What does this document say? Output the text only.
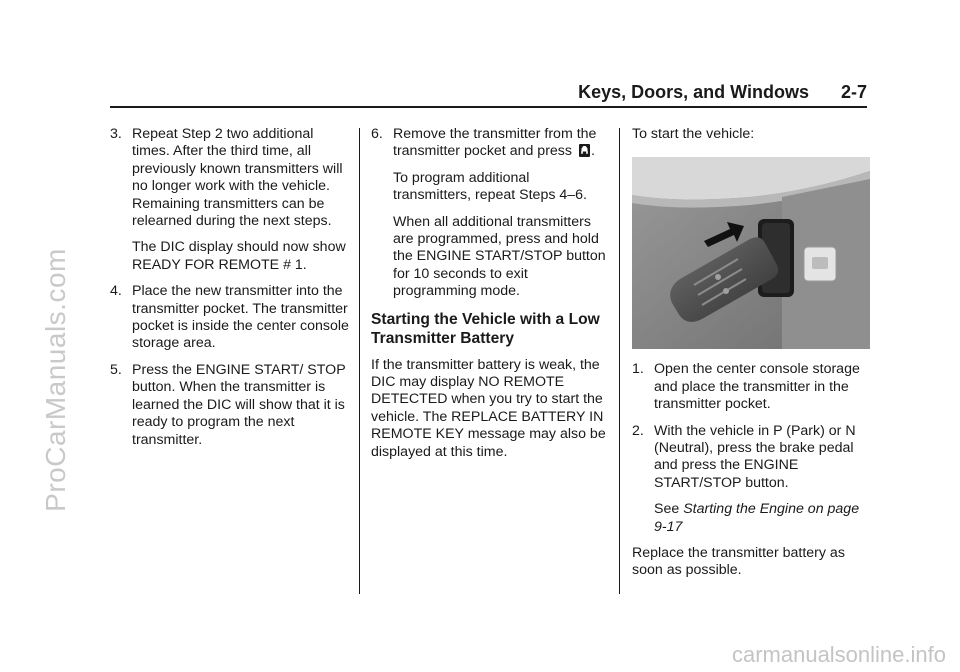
ProCarManuals.com
carmanualsonline.info
Keys, Doors, and Windows 2-7
3. Repeat Step 2 two additional times. After the third time, all previously known transmitters will no longer work with the vehicle. Remaining transmitters can be relearned during the next steps.
The DIC display should now show READY FOR REMOTE # 1.
4. Place the new transmitter into the transmitter pocket. The transmitter pocket is inside the center console storage area.
5. Press the ENGINE START/ STOP button. When the transmitter is learned the DIC will show that it is ready to program the next transmitter.
6. Remove the transmitter from the transmitter pocket and press .
To program additional transmitters, repeat Steps 4–6.
When all additional transmitters are programmed, press and hold the ENGINE START/STOP button for 10 seconds to exit programming mode.
Starting the Vehicle with a Low Transmitter Battery
If the transmitter battery is weak, the DIC may display NO REMOTE DETECTED when you try to start the vehicle. The REPLACE BATTERY IN REMOTE KEY message may also be displayed at this time.
To start the vehicle:
1. Open the center console storage and place the transmitter in the transmitter pocket.
2. With the vehicle in P (Park) or N (Neutral), press the brake pedal and press the ENGINE START/STOP button.
See Starting the Engine on page 9-17
Replace the transmitter battery as soon as possible.
